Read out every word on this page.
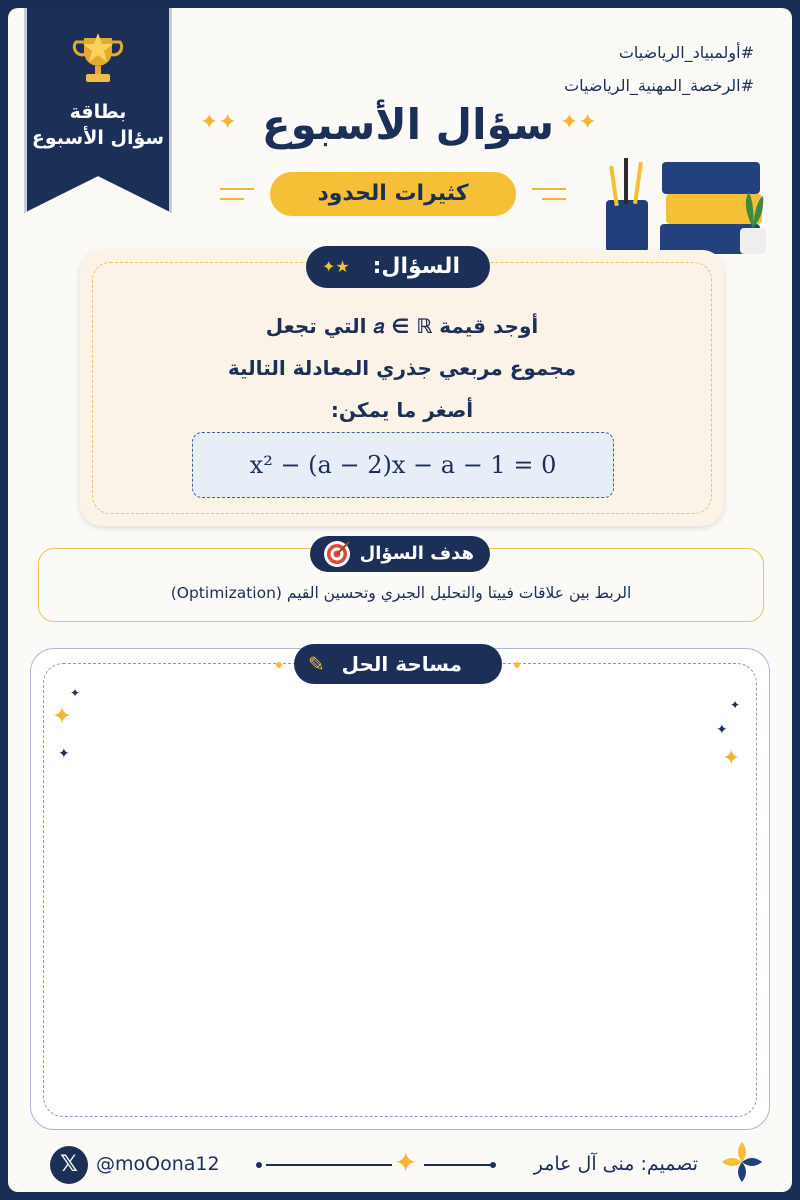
بطاقة
سؤال الأسبوع
#أولمبياد_الرياضيات
#الرخصة_المهنية_الرياضيات
✦✦ سؤال الأسبوع ✦✦
كثيرات الحدود
السؤال:
★✦
أوجد قيمة 𝑎 ∈ ℝ التي تجعل
مجموع مربعي جذري المعادلة التالية
أصغر ما يمكن:
x² − (a − 2)x − a − 1 = 0
هدف السؤال
الربط بين علاقات فييتا والتحليل الجبري وتحسين القيم (Optimization)
مساحة الحل
✎
✦
✦
✦
✦
✦
✦
𝕏 @moOona12	✦	تصميم: منى آل عامر
